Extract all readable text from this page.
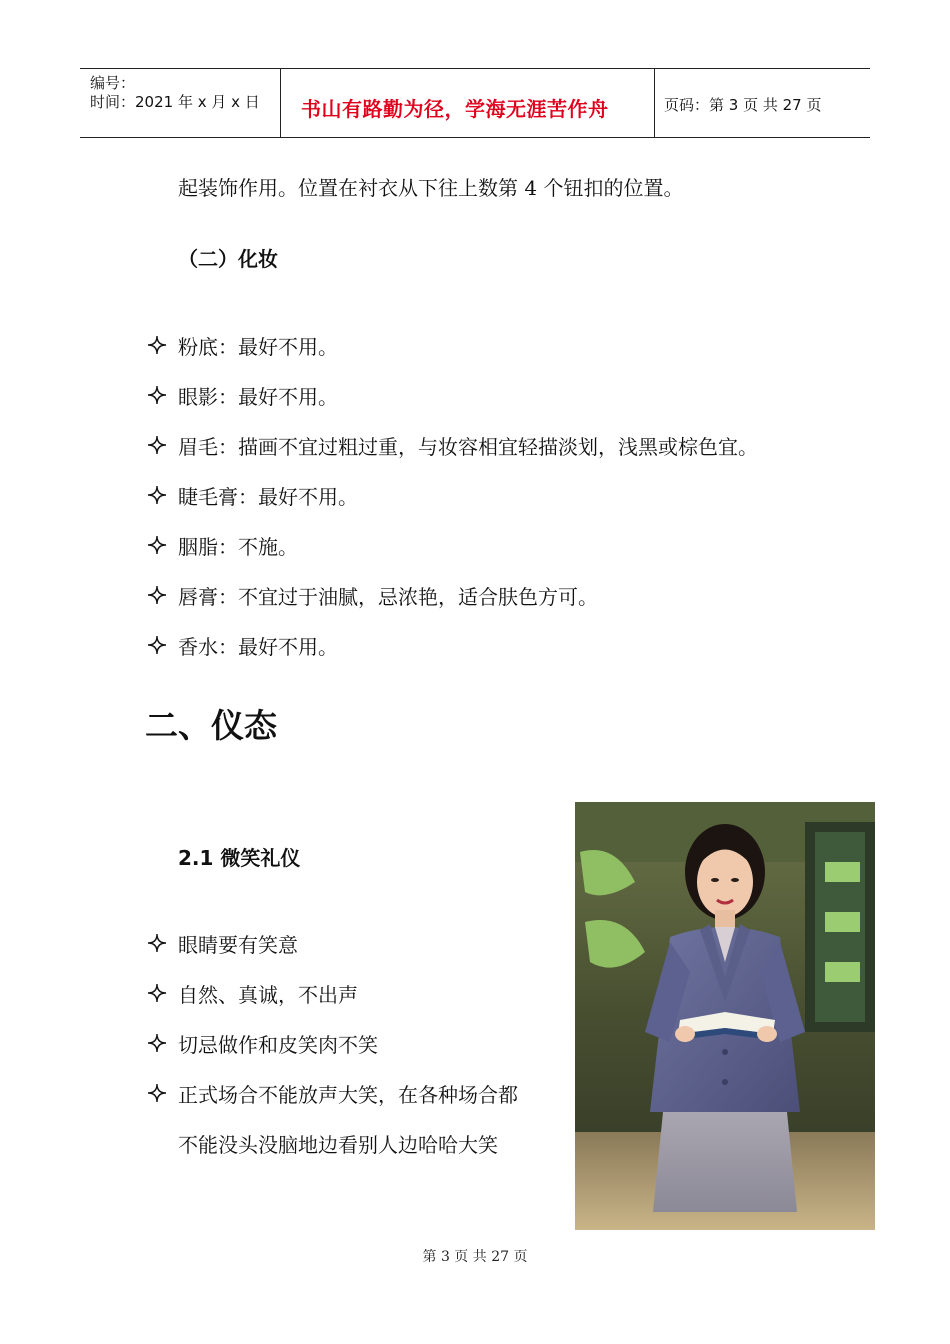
编号：
时间：2021 年 x 月 x 日 书山有路勤为径，学海无涯苦作舟	页码：第 3 页 共 27 页
起装饰作用。位置在衬衣从下往上数第 4 个钮扣的位置。
（二）化妆
粉底：最好不用。
眼影：最好不用。
眉毛：描画不宜过粗过重，与妆容相宜轻描淡划，浅黑或棕色宜。
睫毛膏：最好不用。
胭脂：不施。
唇膏：不宜过于油腻，忌浓艳，适合肤色方可。
香水：最好不用。
二、仪态
2.1 微笑礼仪
眼睛要有笑意
自然、真诚，不出声
切忌做作和皮笑肉不笑
正式场合不能放声大笑，在各种场合都
不能没头没脑地边看别人边哈哈大笑
第 3 页 共 27 页
